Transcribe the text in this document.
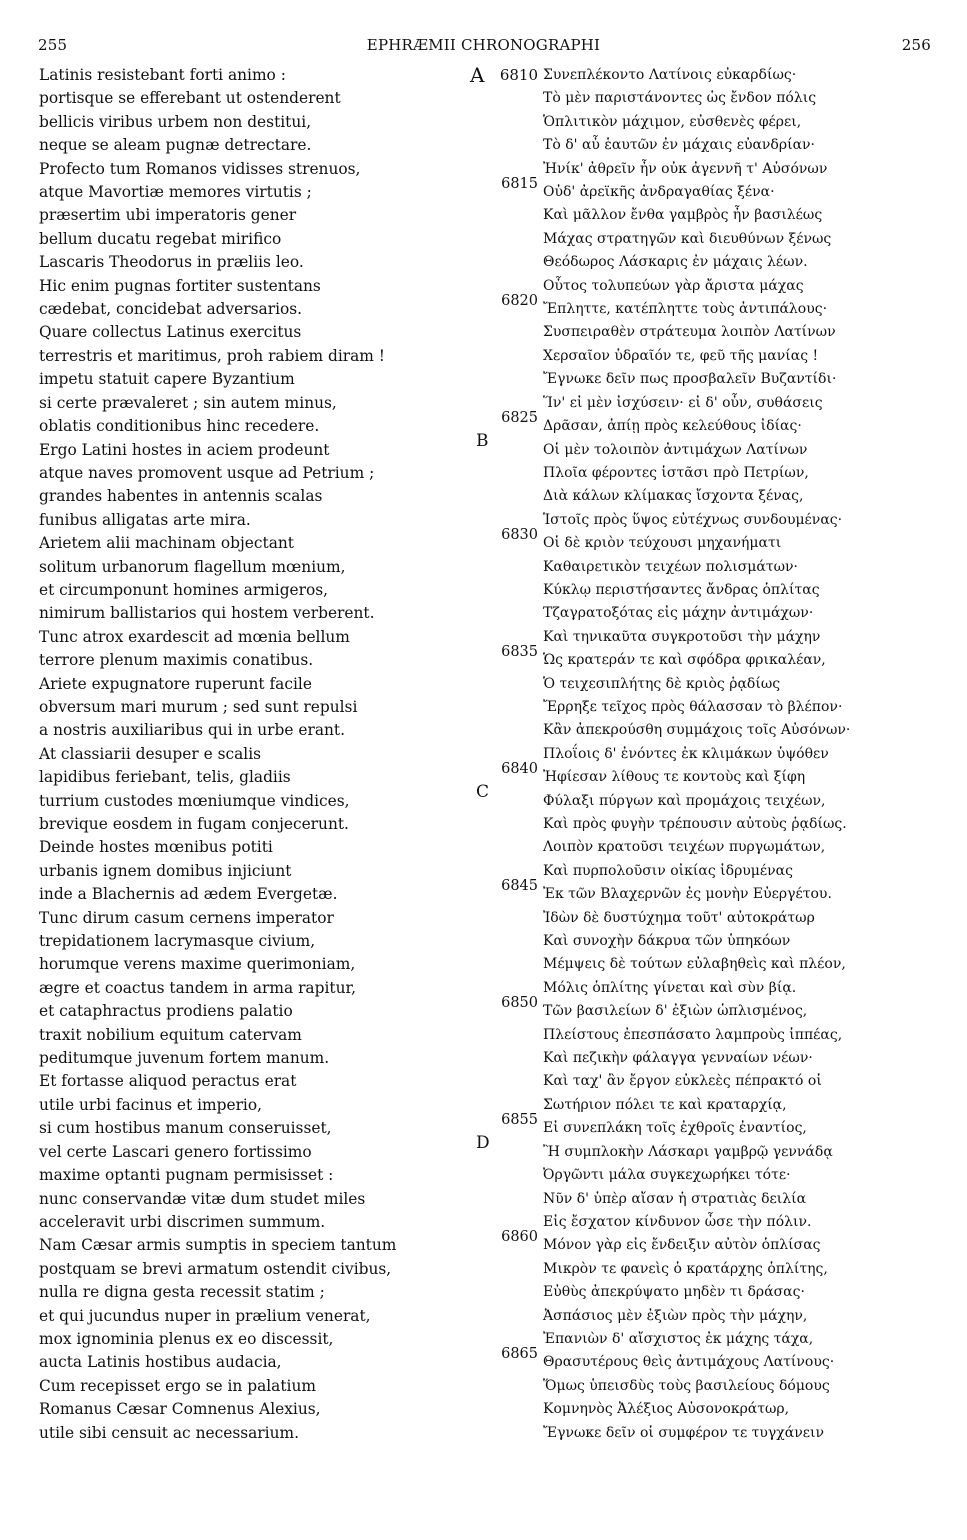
EPHRÆMII CHRONOGRAPHI
255	256
Latinis resistebant forti animo :
portisque se efferebant ut ostenderent
bellicis viribus urbem non destitui,
neque se aleam pugnæ detrectare.
Profecto tum Romanos vidisses strenuos,
atque Mavortiæ memores virtutis ;
præsertim ubi imperatoris gener
bellum ducatu regebat mirifico
Lascaris Theodorus in præliis leo.
Hic enim pugnas fortiter sustentans
cædebat, concidebat adversarios.
Quare collectus Latinus exercitus
terrestris et maritimus, proh rabiem diram !
impetu statuit capere Byzantium
si certe prævaleret ; sin autem minus,
oblatis conditionibus hinc recedere.
Ergo Latini hostes in aciem prodeunt
atque naves promovent usque ad Petrium ;
grandes habentes in antennis scalas
funibus alligatas arte mira.
Arietem alii machinam objectant
solitum urbanorum flagellum mœnium,
et circumponunt homines armigeros,
nimirum ballistarios qui hostem verberent.
Tunc atrox exardescit ad mœnia bellum
terrore plenum maximis conatibus.
Ariete expugnatore ruperunt facile
obversum mari murum ; sed sunt repulsi
a nostris auxiliaribus qui in urbe erant.
At classiarii desuper e scalis
lapidibus feriebant, telis, gladiis
turrium custodes mœniumque vindices,
brevique eosdem in fugam conjecerunt.
Deinde hostes mœnibus potiti
urbanis ignem domibus injiciunt
inde a Blachernis ad ædem Evergetæ.
Tunc dirum casum cernens imperator
trepidationem lacrymasque civium,
horumque verens maxime querimoniam,
ægre et coactus tandem in arma rapitur,
et cataphractus prodiens palatio
traxit nobilium equitum catervam
peditumque juvenum fortem manum.
Et fortasse aliquod peractus erat
utile urbi facinus et imperio,
si cum hostibus manum conseruisset,
vel certe Lascari genero fortissimo
maxime optanti pugnam permisisset :
nunc conservandæ vitæ dum studet miles
acceleravit urbi discrimen summum.
Nam Cæsar armis sumptis in speciem tantum
postquam se brevi armatum ostendit civibus,
nulla re digna gesta recessit statim ;
et qui jucundus nuper in prælium venerat,
mox ignominia plenus ex eo discessit,
aucta Latinis hostibus audacia,
Cum recepisset ergo se in palatium
Romanus Cæsar Comnenus Alexius,
utile sibi censuit ac necessarium.
6810
6815
6820
6825
6830
6835
6840
6845
6850
6855
6860
6865
Συνεπλέκοντο Λατίνοις εὐκαρδίως·
Τὸ μὲν παριστάνοντες ὡς ἔνδον πόλις
Ὁπλιτικὸν μάχιμον, εὐσθενὲς φέρει,
Τὸ δ' αὖ ἑαυτῶν ἐν μάχαις εὐανδρίαν·
Ἠνίκ' ἀθρεῖν ἦν οὐκ ἀγεννῆ τ' Αὐσόνων
Οὐδ' ἀρεϊκῆς ἀνδραγαθίας ξένα·
Καὶ μᾶλλον ἔνθα γαμβρὸς ἦν βασιλέως
Μάχας στρατηγῶν καὶ διευθύνων ξένως
Θεόδωρος Λάσκαρις ἐν μάχαις λέων.
Οὗτος τολυπεύων γὰρ ἄριστα μάχας
Ἔπληττε, κατέπληττε τοὺς ἀντιπάλους·
Συσπειραθὲν στράτευμα λοιπὸν Λατίνων
Χερσαῖον ὑδραῖόν τε, φεῦ τῆς μανίας !
Ἔγνωκε δεῖν πως προσβαλεῖν Βυζαντίδι·
Ἵν' εἰ μὲν ἰσχύσειν· εἰ δ' οὖν, συθάσεις
Δρᾶσαν, ἀπίῃ πρὸς κελεύθους ἰδίας·
Οἱ μὲν τολοιπὸν ἀντιμάχων Λατίνων
Πλοῖα φέροντες ἱστᾶσι πρὸ Πετρίων,
Διὰ κάλων κλίμακας ἴσχοντα ξένας,
Ἱστοῖς πρὸς ὕψος εὐτέχνως συνδουμένας·
Οἱ δὲ κριὸν τεύχουσι μηχανήματι
Καθαιρετικὸν τειχέων πολισμάτων·
Κύκλῳ περιστήσαντες ἄνδρας ὁπλίτας
Τζαγρατοξότας εἰς μάχην ἀντιμάχων·
Καὶ τηνικαῦτα συγκροτοῦσι τὴν μάχην
Ὡς κρατεράν τε καὶ σφόδρα φρικαλέαν,
Ὁ τειχεσιπλήτης δὲ κριὸς ῥᾳδίως
Ἔρρηξε τεῖχος πρὸς θάλασσαν τὸ βλέπον·
Κἂν ἀπεκρούσθη συμμάχοις τοῖς Αὐσόνων·
Πλοΐοις δ' ἐνόντες ἐκ κλιμάκων ὑψόθεν
Ἠφίεσαν λίθους τε κοντοὺς καὶ ξίφη
Φύλαξι πύργων καὶ προμάχοις τειχέων,
Καὶ πρὸς φυγὴν τρέπουσιν αὐτοὺς ῥᾳδίως.
Λοιπὸν κρατοῦσι τειχέων πυργωμάτων,
Καὶ πυρπολοῦσιν οἰκίας ἱδρυμένας
Ἐκ τῶν Βλαχερνῶν ἐς μονὴν Εὐεργέτου.
Ἰδὼν δὲ δυστύχημα τοῦτ' αὐτοκράτωρ
Καὶ συνοχὴν δάκρυα τῶν ὑπηκόων
Μέμψεις δὲ τούτων εὐλαβηθεὶς καὶ πλέον,
Μόλις ὁπλίτης γίνεται καὶ σὺν βίᾳ.
Τῶν βασιλείων δ' ἐξιὼν ὡπλισμένος,
Πλείστους ἐπεσπάσατο λαμπροὺς ἱππέας,
Καὶ πεζικὴν φάλαγγα γενναίων νέων·
Καὶ ταχ' ἂν ἔργον εὐκλεὲς πέπρακτό οἱ
Σωτήριον πόλει τε καὶ κραταρχίᾳ,
Εἰ συνεπλάκη τοῖς ἐχθροῖς ἐναντίος,
Ἢ συμπλοκὴν Λάσκαρι γαμβρῷ γεννάδᾳ
Ὀργῶντι μάλα συγκεχωρήκει τότε·
Νῦν δ' ὑπὲρ αἴσαν ἡ στρατιὰς δειλία
Εἰς ἔσχατον κίνδυνον ὦσε τὴν πόλιν.
Μόνον γὰρ εἰς ἔνδειξιν αὐτὸν ὁπλίσας
Μικρὸν τε φανεὶς ὁ κρατάρχης ὁπλίτης,
Εὐθὺς ἀπεκρύψατο μηδὲν τι δράσας·
Ἀσπάσιος μὲν ἐξιὼν πρὸς τὴν μάχην,
Ἐπανιὼν δ' αἴσχιστος ἐκ μάχης τάχα,
Θρασυτέρους θεὶς ἀντιμάχους Λατίνους·
Ὅμως ὑπεισδὺς τοὺς βασιλείους δόμους
Κομνηνὸς Ἀλέξιος Αὐσονοκράτωρ,
Ἔγνωκε δεῖν οἱ συμφέρον τε τυγχάνειν
A
B
C
D
